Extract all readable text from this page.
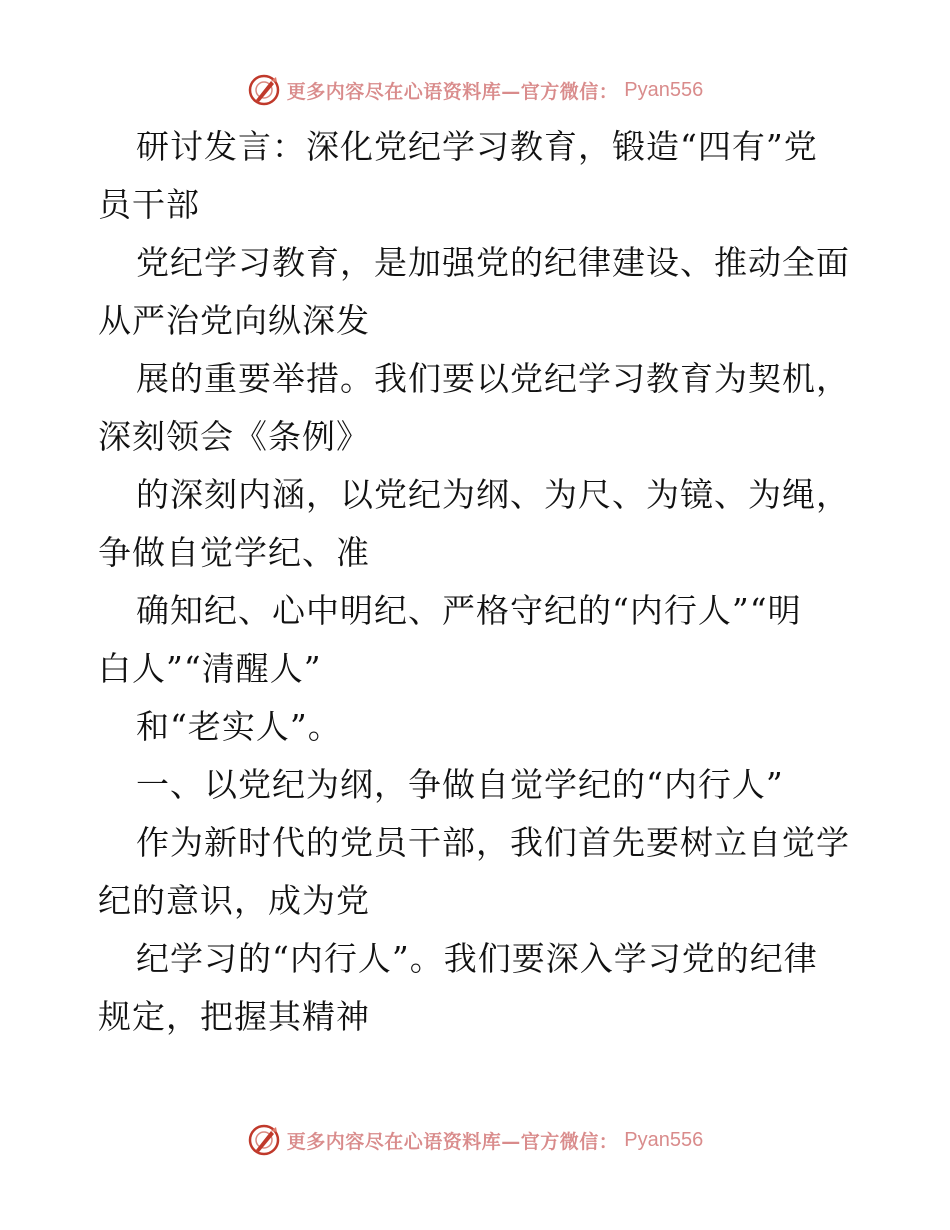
更多内容尽在心语资料库—官方微信： Pyan556
研讨发言：深化党纪学习教育，锻造“四有”党
员干部
党纪学习教育，是加强党的纪律建设、推动全面
从严治党向纵深发
展的重要举措。我们要以党纪学习教育为契机，
深刻领会《条例》
的深刻内涵，以党纪为纲、为尺、为镜、为绳，
争做自觉学纪、准
确知纪、心中明纪、严格守纪的“内行人”“明
白人”“清醒人”
和“老实人”。
一、以党纪为纲，争做自觉学纪的“内行人”
作为新时代的党员干部，我们首先要树立自觉学
纪的意识，成为党
纪学习的“内行人”。我们要深入学习党的纪律
规定，把握其精神
更多内容尽在心语资料库—官方微信： Pyan556
